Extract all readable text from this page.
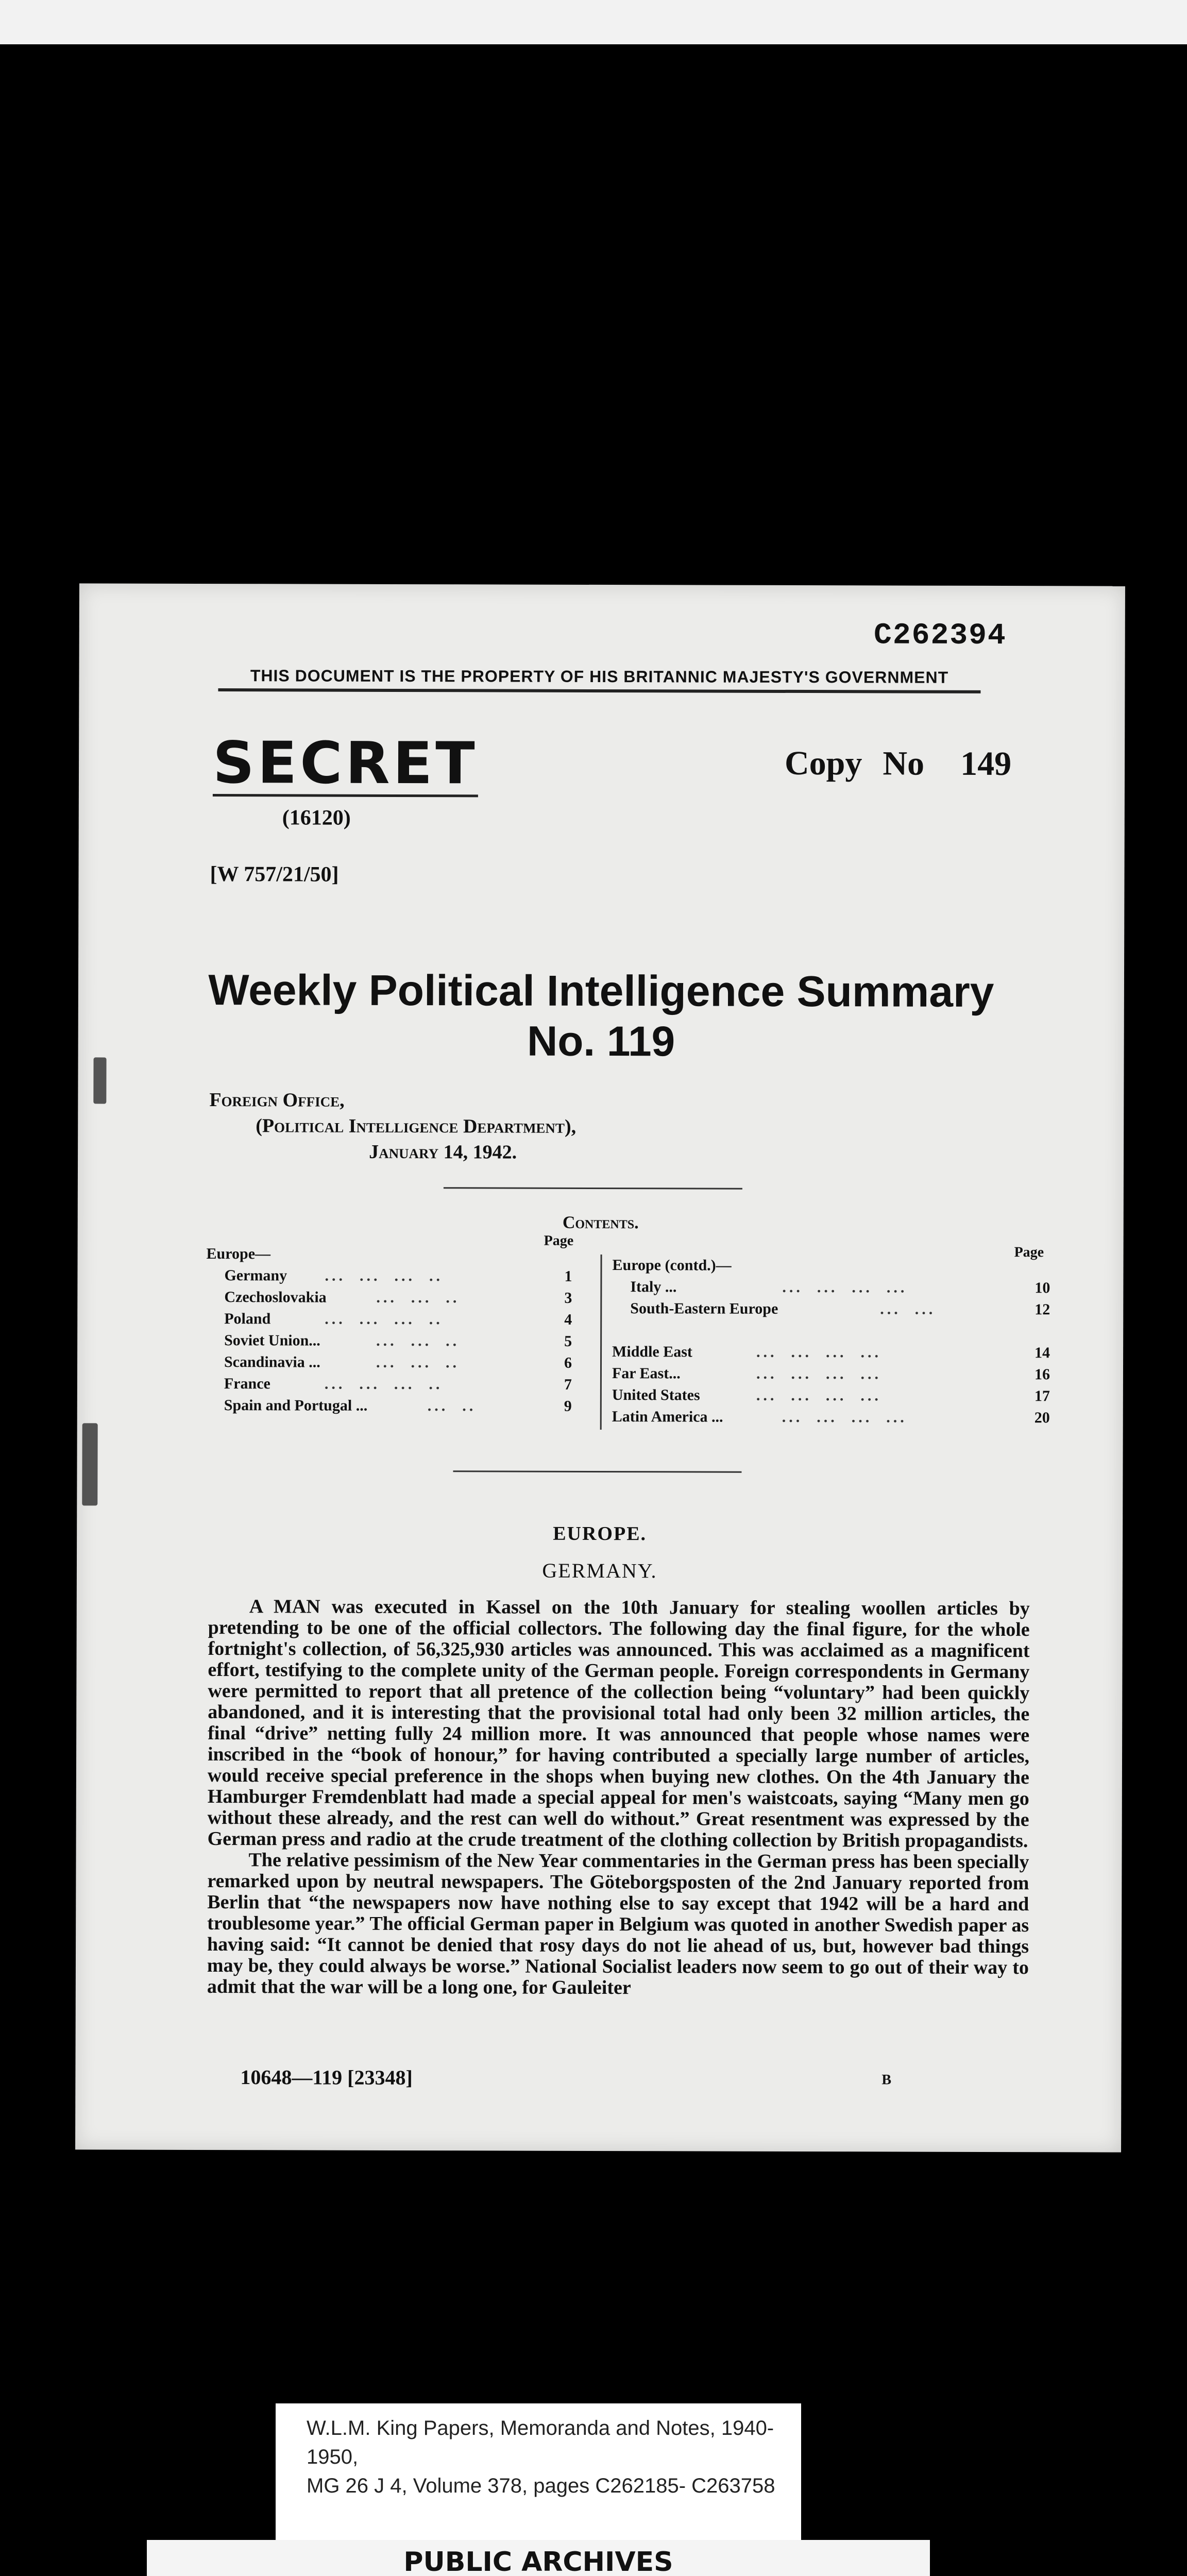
C262394
THIS DOCUMENT IS THE PROPERTY OF HIS BRITANNIC MAJESTY'S GOVERNMENT
SECRET
(16120)
Copy No 149
[W 757/21/50]
Weekly Political Intelligence Summary
No. 119
Foreign Office,
(Political Intelligence Department),
January 14, 1942.
Contents.
Page
Page
Europe—
Germany ...  ...  ...  ..	1
Czechoslovakia	...  ...  ..	3
Poland	...  ...  ...  ..	4
Soviet Union...	...  ...  ..	5
Scandinavia ...	...  ...  ..	6
France	...  ...  ...  ..	7
Spain and Portugal ...	...  ..	9
Europe (contd.)—
Italy ...	...  ...  ...  ...	10
South-Eastern Europe	...  ...	12
Middle East	...  ...  ...  ...	14
Far East...	...  ...  ...  ...	16
United States	...  ...  ...  ...	17
Latin America ...	...  ...  ...  ...	20
EUROPE.
GERMANY.

A MAN was executed in Kassel on the 10th January for stealing woollen articles by pretending to be one of the official collectors. The following day the final figure, for the whole fortnight's collection, of 56,325,930 articles was announced. This was acclaimed as a magnificent effort, testifying to the complete unity of the German people. Foreign correspondents in Germany were permitted to report that all pretence of the collection being “voluntary” had been quickly abandoned, and it is interesting that the provisional total had only been 32 million articles, the final “drive” netting fully 24 million more. It was announced that people whose names were inscribed in the “book of honour,” for having contributed a specially large number of articles, would receive special preference in the shops when buying new clothes. On the 4th January the Hamburger Fremdenblatt had made a special appeal for men's waistcoats, saying “Many men go without these already, and the rest can well do without.” Great resentment was expressed by the German press and radio at the crude treatment of the clothing collection by British propagandists.

The relative pessimism of the New Year commentaries in the German press has been specially remarked upon by neutral newspapers. The Göteborgsposten of the 2nd January reported from Berlin that “the newspapers now have nothing else to say except that 1942 will be a hard and troublesome year.” The official German paper in Belgium was quoted in another Swedish paper as having said: “It cannot be denied that rosy days do not lie ahead of us, but, however bad things may be, they could always be worse.” National Socialist leaders now seem to go out of their way to admit that the war will be a long one, for Gauleiter

10648—119 [23348]	B
W.L.M. King Papers, Memoranda and Notes, 1940-1950,
MG 26 J 4, Volume 378, pages C262185- C263758
PUBLIC ARCHIVES
